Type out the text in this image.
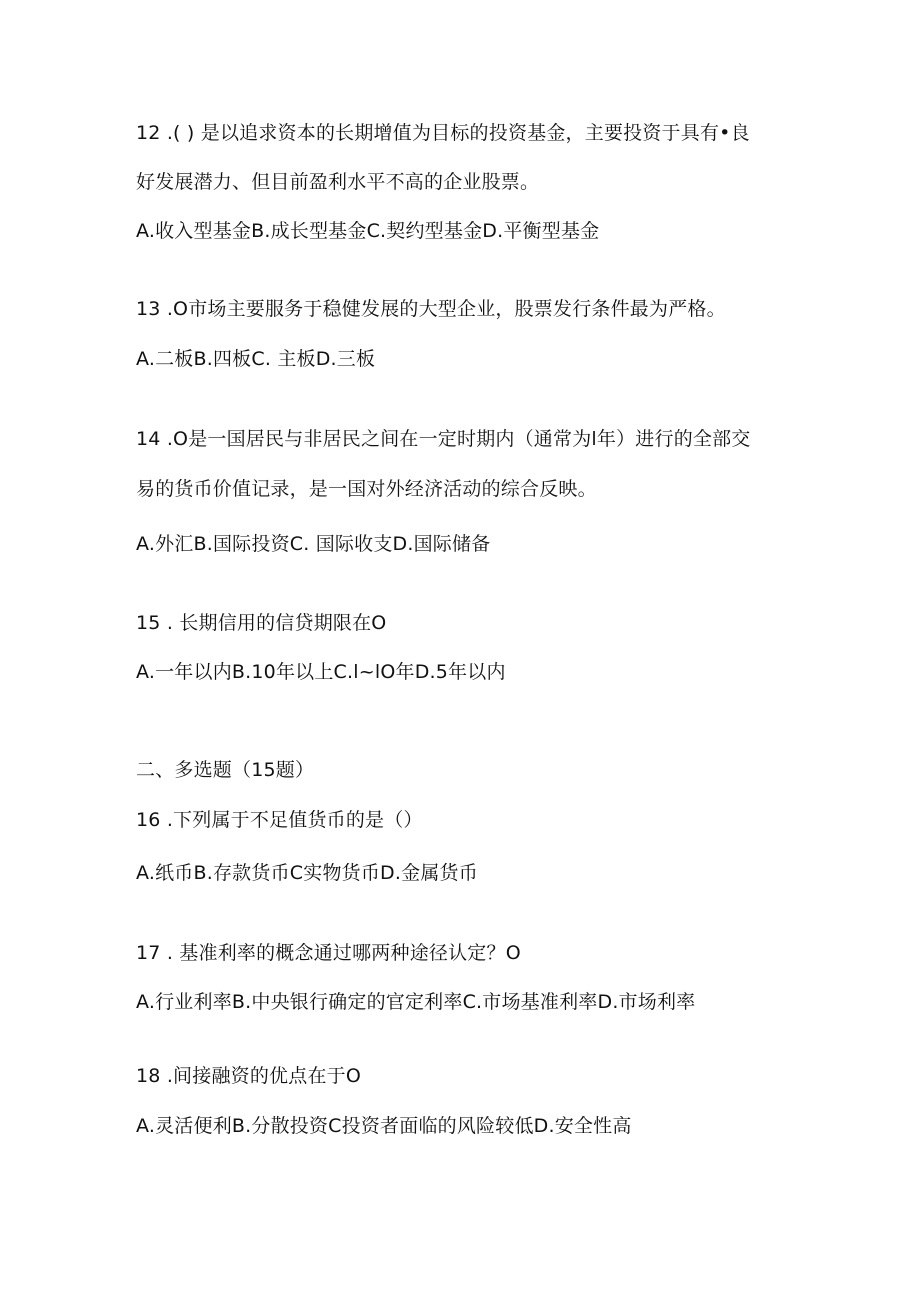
12 .( ) 是以追求资本的长期增值为目标的投资基金，主要投资于具有•良
好发展潜力、但目前盈利水平不高的企业股票。
A.收入型基金B.成长型基金C.契约型基金D.平衡型基金
13 .O市场主要服务于稳健发展的大型企业，股票发行条件最为严格。
A.二板B.四板C. 主板D.三板
14 .O是一国居民与非居民之间在一定时期内（通常为l年）进行的全部交
易的货币价值记录，是一国对外经济活动的综合反映。
A.外汇B.国际投资C. 国际收支D.国际储备
15 . 长期信用的信贷期限在O
A.一年以内B.10年以上C.l~lO年D.5年以内
二、多选题（15题）
16 .下列属于不足值货币的是（）
A.纸币B.存款货币C实物货币D.金属货币
17 . 基准利率的概念通过哪两种途径认定？O
A.行业利率B.中央银行确定的官定利率C.市场基准利率D.市场利率
18 .间接融资的优点在于O
A.灵活便利B.分散投资C投资者面临的风险较低D.安全性高
